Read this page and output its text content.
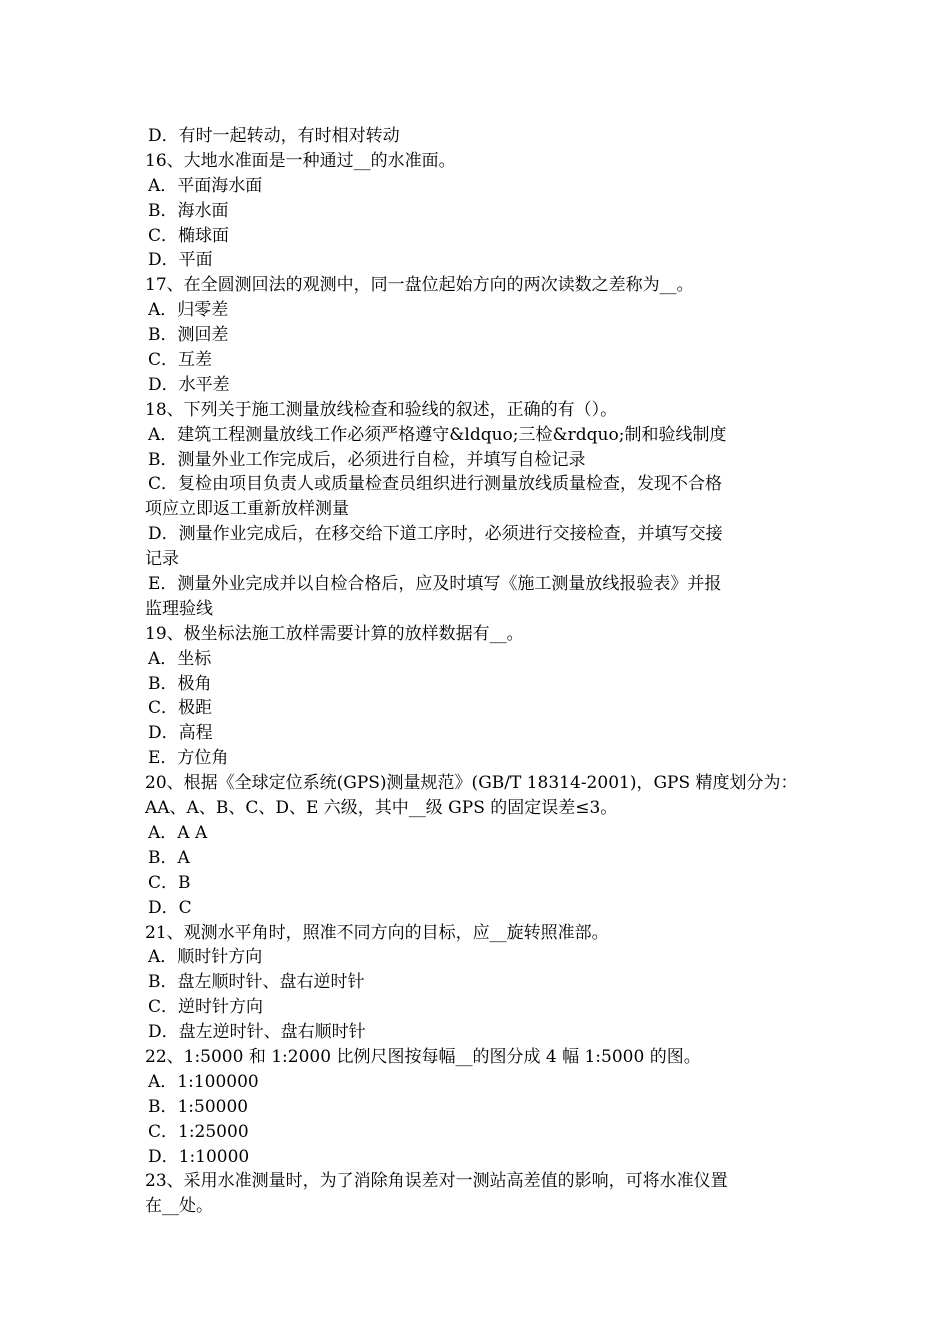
D．有时一起转动，有时相对转动
16、大地水准面是一种通过__的水准面。
A．平面海水面
B．海水面
C．椭球面
D．平面
17、在全圆测回法的观测中，同一盘位起始方向的两次读数之差称为__。
A．归零差
B．测回差
C．互差
D．水平差
18、下列关于施工测量放线检查和验线的叙述，正确的有（）。
A．建筑工程测量放线工作必须严格遵守&ldquo;三检&rdquo;制和验线制度
B．测量外业工作完成后，必须进行自检，并填写自检记录
C．复检由项目负责人或质量检查员组织进行测量放线质量检查，发现不合格
项应立即返工重新放样测量
D．测量作业完成后，在移交给下道工序时，必须进行交接检查，并填写交接
记录
E．测量外业完成并以自检合格后，应及时填写《施工测量放线报验表》并报
监理验线
19、极坐标法施工放样需要计算的放样数据有__。
A．坐标
B．极角
C．极距
D．高程
E．方位角
20、根据《全球定位系统(GPS)测量规范》(GB/T 18314-2001)，GPS 精度划分为：
AA、A、B、C、D、E 六级，其中__级 GPS 的固定误差≤3。
A．A A
B．A
C．B
D．C
21、观测水平角时，照准不同方向的目标，应__旋转照准部。
A．顺时针方向
B．盘左顺时针、盘右逆时针
C．逆时针方向
D．盘左逆时针、盘右顺时针
22、1:5000 和 1:2000 比例尺图按每幅__的图分成 4 幅 1:5000 的图。
A．1:100000
B．1:50000
C．1:25000
D．1:10000
23、采用水准测量时，为了消除角误差对一测站高差值的影响，可将水准仪置
在__处。
